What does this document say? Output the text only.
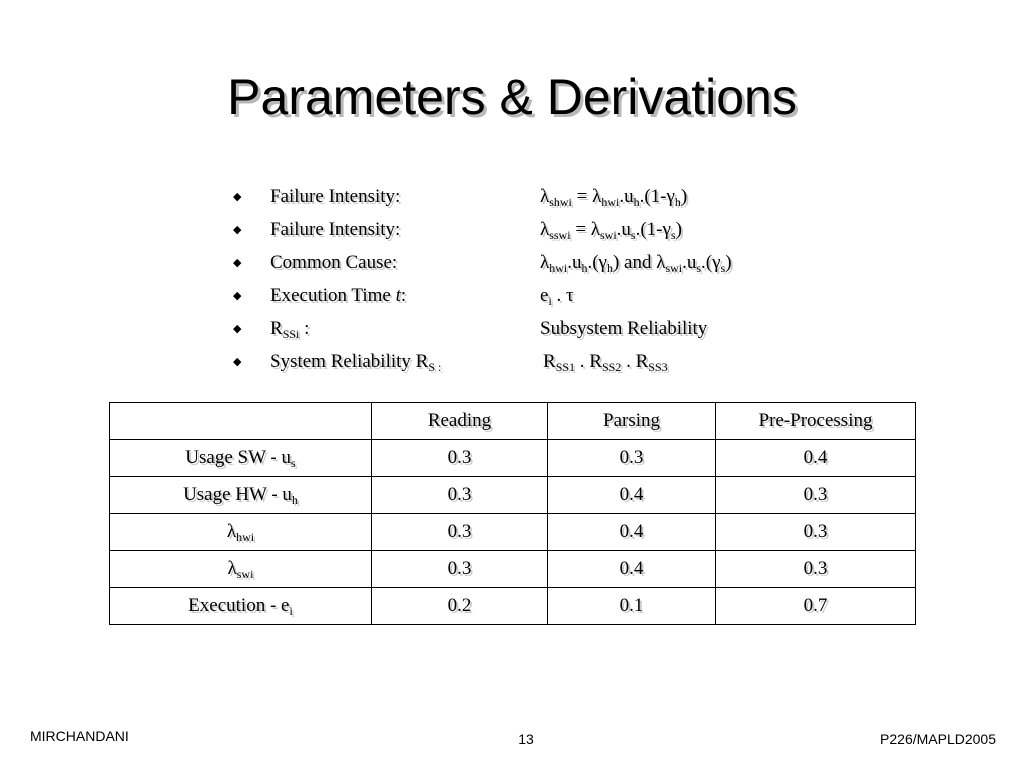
Parameters & Derivations
◆ Failure Intensity:	$\lambda_{shwi} = \lambda_{hwi}.u_h.(1-\gamma_h)$
◆ Failure Intensity:	$\lambda_{sswi} = \lambda_{swi}.u_s.(1-\gamma_s)$
◆ Common Cause:	$\lambda_{hwi}.u_h.(\gamma_h)$ and $\lambda_{swi}.u_s.(\gamma_s)$
◆ Execution Time t:	$e_i$ . τ
◆ $R_{SSi}$ :	Subsystem Reliability
◆ System Reliability $R_{S :}$	$R_{SS1}$ . $R_{SS2}$ . $R_{SS3}$
	Reading	Parsing	Pre-Processing
Usage SW - $u_s$	0.3	0.3	0.4
Usage HW - $u_h$	0.3	0.4	0.3
$\lambda_{hwi}$	0.3	0.4	0.3
$\lambda_{swi}$	0.3	0.4	0.3
Execution - $e_i$	0.2	0.1	0.7
MIRCHANDANI	13	P226/MAPLD2005
